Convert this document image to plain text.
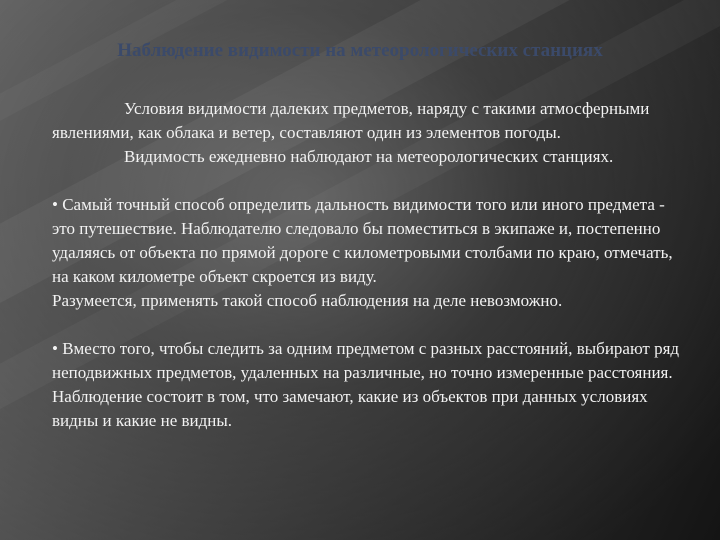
Наблюдение видимости на метеорологических станциях

Условия видимости далеких предметов, наряду с такими атмосферными явлениями, как облака и ветер, составляют один из элементов погоды.

Видимость ежедневно наблюдают на метеорологических станциях.

• Самый точный способ определить дальность видимости того или иного предмета - это путешествие. Наблюдателю следовало бы поместиться в экипаже и, постепенно удаляясь от объекта по прямой дороге с километровыми столбами по краю, отмечать, на каком километре объект скроется из виду.

Разумеется, применять такой способ наблюдения на деле невозможно.

• Вместо того, чтобы следить за одним предметом с разных расстояний, выбирают ряд неподвижных предметов, удаленных на различные, но точно измеренные расстояния. Наблюдение состоит в том, что замечают, какие из объектов при данных условиях видны и какие не видны.
